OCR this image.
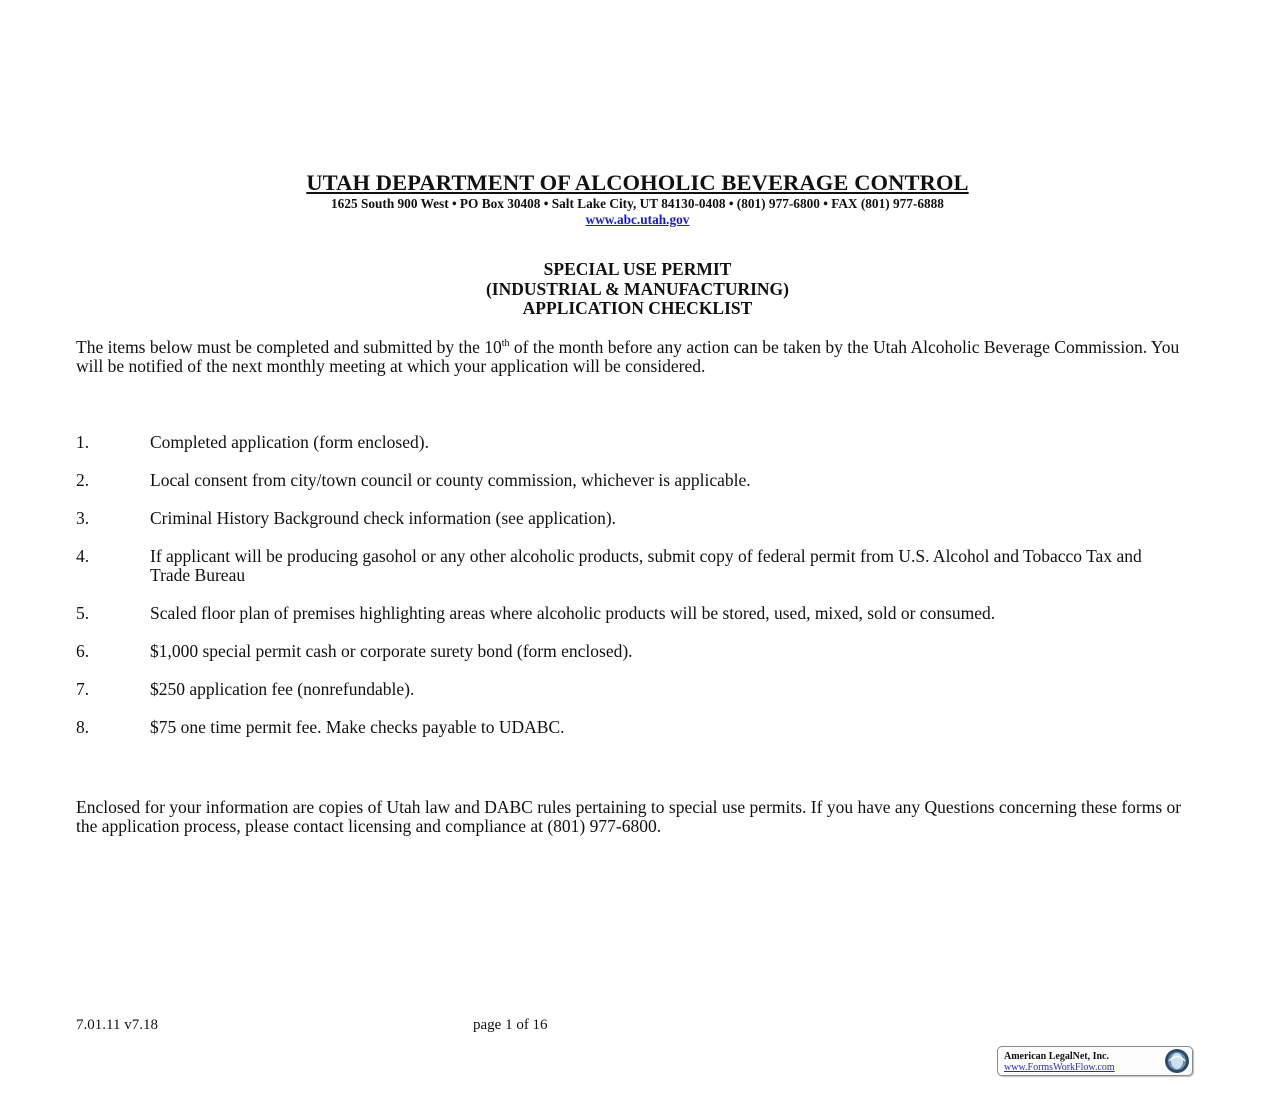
UTAH DEPARTMENT OF ALCOHOLIC BEVERAGE CONTROL
1625 South 900 West • PO Box 30408 • Salt Lake City, UT 84130-0408 • (801) 977-6800 • FAX (801) 977-6888
www.abc.utah.gov
SPECIAL USE PERMIT
(INDUSTRIAL & MANUFACTURING)
APPLICATION CHECKLIST

The items below must be completed and submitted by the 10th of the month before any action can be taken by the Utah Alcoholic Beverage Commission. You will be notified of the next monthly meeting at which your application will be considered.

1.	Completed application (form enclosed).
2.	Local consent from city/town council or county commission, whichever is applicable.
3.	Criminal History Background check information (see application).
4.	If applicant will be producing gasohol or any other alcoholic products, submit copy of federal permit from U.S. Alcohol and Tobacco Tax and Trade Bureau
5.	Scaled floor plan of premises highlighting areas where alcoholic products will be stored, used, mixed, sold or consumed.
6.	$1,000 special permit cash or corporate surety bond (form enclosed).
7.	$250 application fee (nonrefundable).
8.	$75 one time permit fee. Make checks payable to UDABC.

Enclosed for your information are copies of Utah law and DABC rules pertaining to special use permits. If you have any Questions concerning these forms or the application process, please contact licensing and compliance at (801) 977-6800.

7.01.11 v7.18	page 1 of 16
American LegalNet, Inc.
www.FormsWorkFlow.com
